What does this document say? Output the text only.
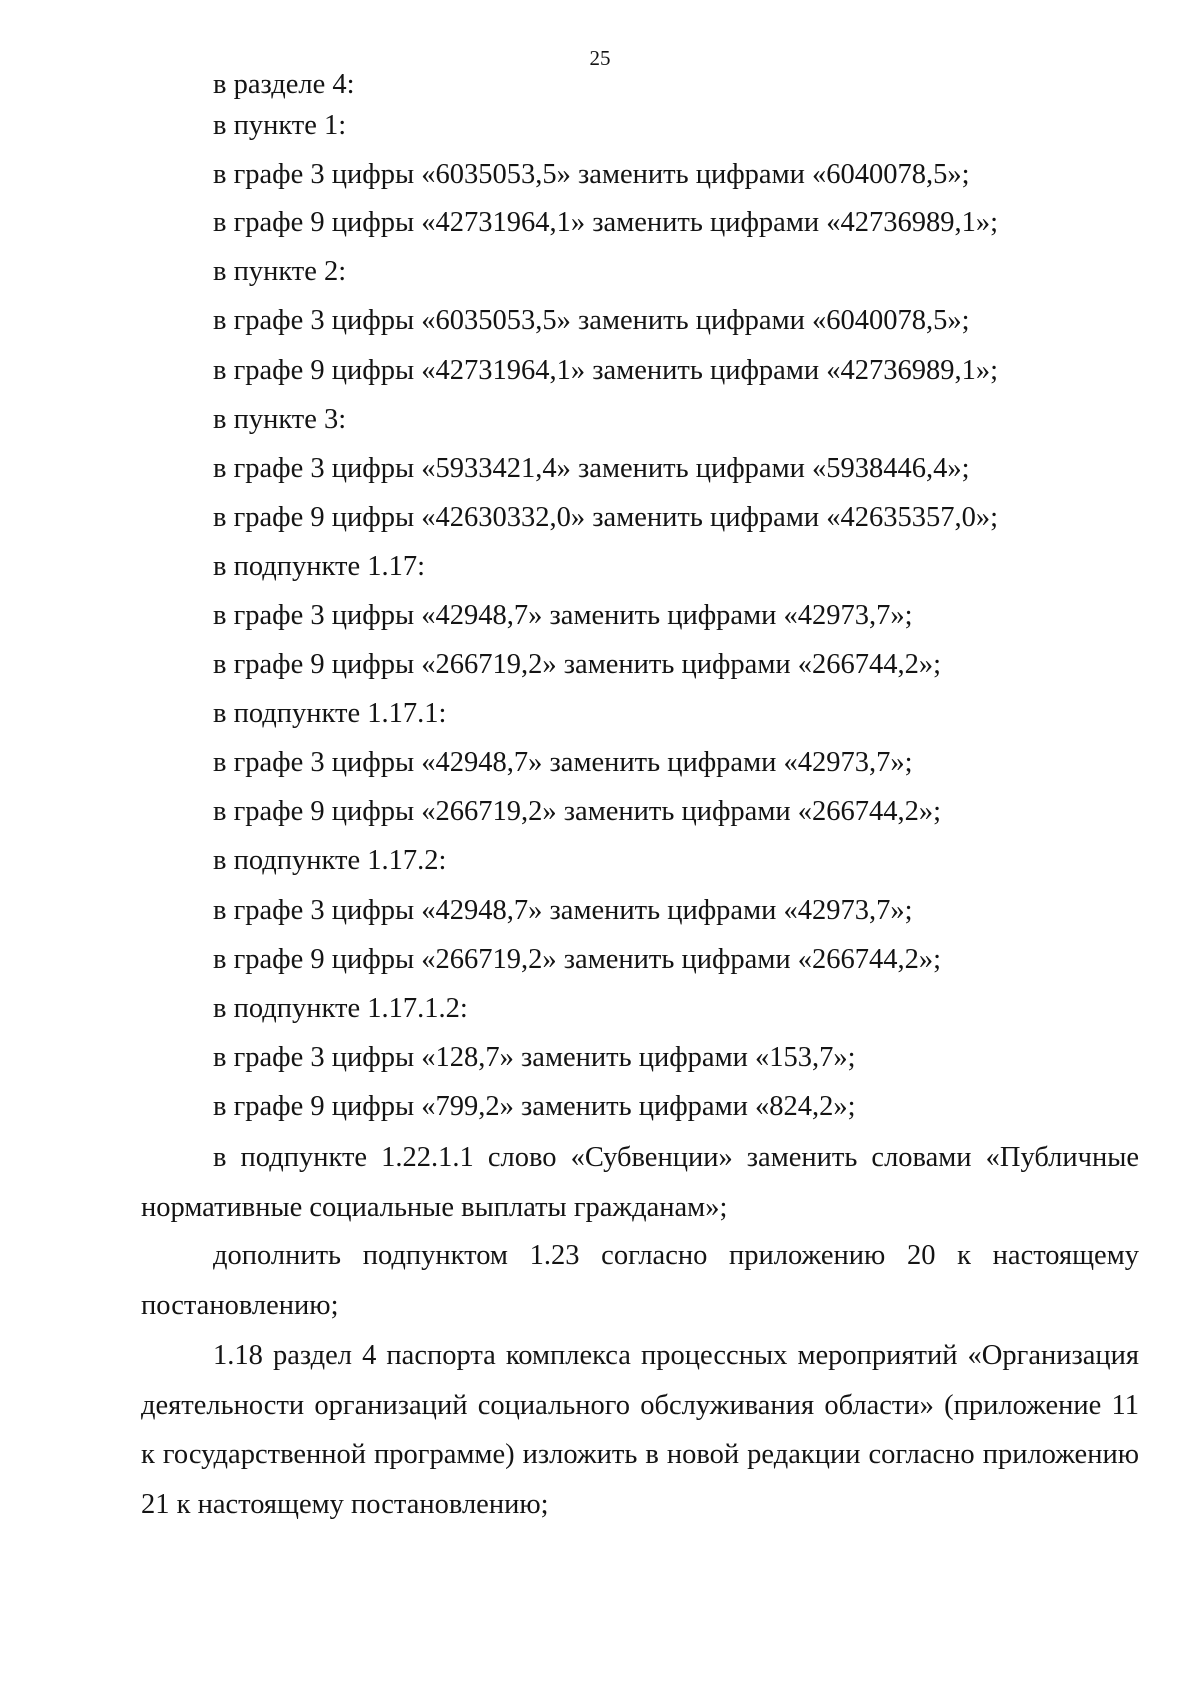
25
в разделе 4:
в пункте 1:
в графе 3 цифры «6035053,5» заменить цифрами «6040078,5»;
в графе 9 цифры «42731964,1» заменить цифрами «42736989,1»;
в пункте 2:
в графе 3 цифры «6035053,5» заменить цифрами «6040078,5»;
в графе 9 цифры «42731964,1» заменить цифрами «42736989,1»;
в пункте 3:
в графе 3 цифры «5933421,4» заменить цифрами «5938446,4»;
в графе 9 цифры «42630332,0» заменить цифрами «42635357,0»;
в подпункте 1.17:
в графе 3 цифры «42948,7» заменить цифрами «42973,7»;
в графе 9 цифры «266719,2» заменить цифрами «266744,2»;
в подпункте 1.17.1:
в графе 3 цифры «42948,7» заменить цифрами «42973,7»;
в графе 9 цифры «266719,2» заменить цифрами «266744,2»;
в подпункте 1.17.2:
в графе 3 цифры «42948,7» заменить цифрами «42973,7»;
в графе 9 цифры «266719,2» заменить цифрами «266744,2»;
в подпункте 1.17.1.2:
в графе 3 цифры «128,7» заменить цифрами «153,7»;
в графе 9 цифры «799,2» заменить цифрами «824,2»;
в подпункте 1.22.1.1 слово «Субвенции» заменить словами «Публичные нормативные социальные выплаты гражданам»;
дополнить подпунктом 1.23 согласно приложению 20 к настоящему постановлению;
1.18 раздел 4 паспорта комплекса процессных мероприятий «Организация деятельности организаций социального обслуживания области» (приложение 11 к государственной программе) изложить в новой редакции согласно приложению 21 к настоящему постановлению;
